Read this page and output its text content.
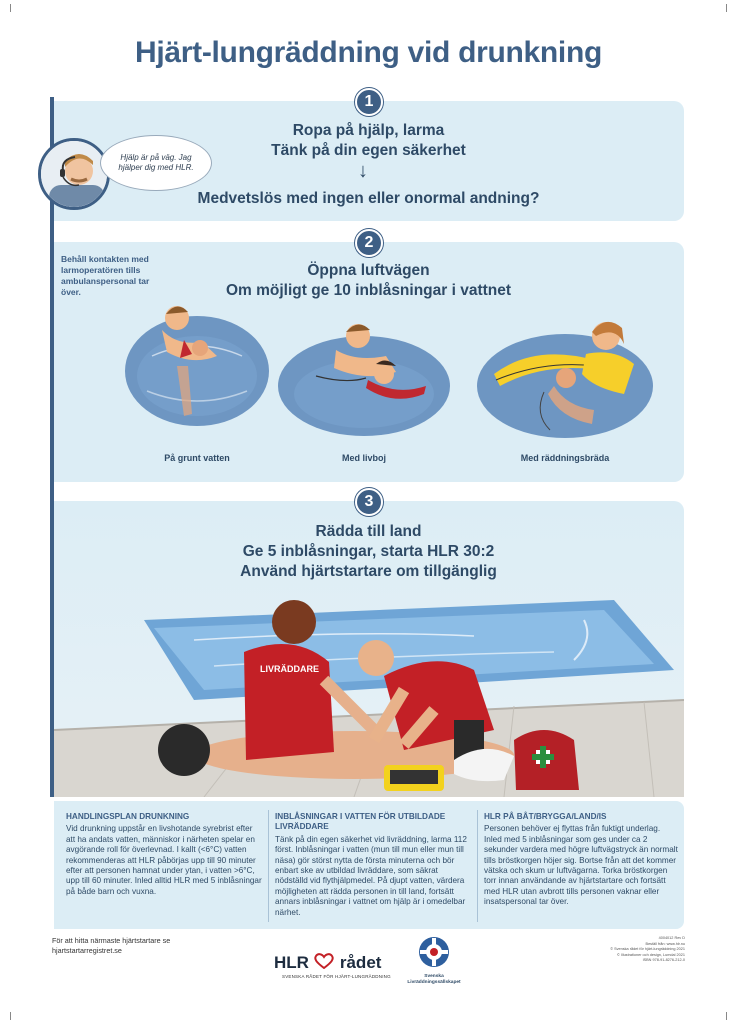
Hjärt-lungräddning vid drunkning
1
Ropa på hjälp, larma
Tänk på din egen säkerhet
↓
Medvetslös med ingen eller onormal andning?
Hjälp är på väg. Jag hjälper dig med HLR.
2
Öppna luftvägen
Om möjligt ge 10 inblåsningar i vattnet
Behåll kontakten med larmoperatören tills ambulanspersonal tar över.
På grunt vatten	Med livboj	Med räddningsbräda
3
Rädda till land
Ge 5 inblåsningar, starta HLR 30:2
Använd hjärtstartare om tillgänglig
LIVRÄDDARE
HANDLINGSPLAN DRUNKNING

Vid drunkning uppstår en livshotande syrebrist efter att ha andats vatten, människor i närheten spelar en avgörande roll för överlevnad. I kallt (<6°C) vatten rekommenderas att HLR påbörjas upp till 90 minuter efter att personen hamnat under ytan, i vatten >6°C, upp till 60 minuter. Inled alltid HLR med 5 inblåsningar på både barn och vuxna.

INBLÅSNINGAR I VATTEN FÖR UTBILDADE LIVRÄDDARE

Tänk på din egen säkerhet vid livräddning, larma 112 först. Inblåsningar i vatten (mun till mun eller mun till näsa) gör störst nytta de första minuterna och bör enbart ske av utbildad livräddare, som säkrat nödställd vid flythjälpmedel. På djupt vatten, värdera möjligheten att rädda personen in till land, fortsätt annars inblåsningar i vattnet om hjälp är i omedelbar närhet.

HLR PÅ BÅT/BRYGGA/LAND/IS

Personen behöver ej flyttas från fuktigt underlag. Inled med 5 inblåsningar som ges under ca 2 sekunder vardera med högre luftvägstryck än normalt tills bröstkorgen höjer sig. Bortse från att det kommer vätska och skum ur luftvägarna. Torka bröstkorgen torr innan användande av hjärtstartare och fortsätt med HLR utan avbrott tills personen vaknar eller insatspersonal tar över.

För att hitta närmaste hjärtstartare se
hjartstartarregistret.se
HLR rådet
SVENSKA RÅDET FÖR HJÄRT-LUNGRÄDDNING	Svenska
Livräddningssällskapet
4004012 Rev D
Beställ från: www.hlr.nu
© Svenska rådet för hjärt-lungräddning 2021
© Illustrationer och design, Lumdal 2021
ISBN 978-91-8276-212-0
